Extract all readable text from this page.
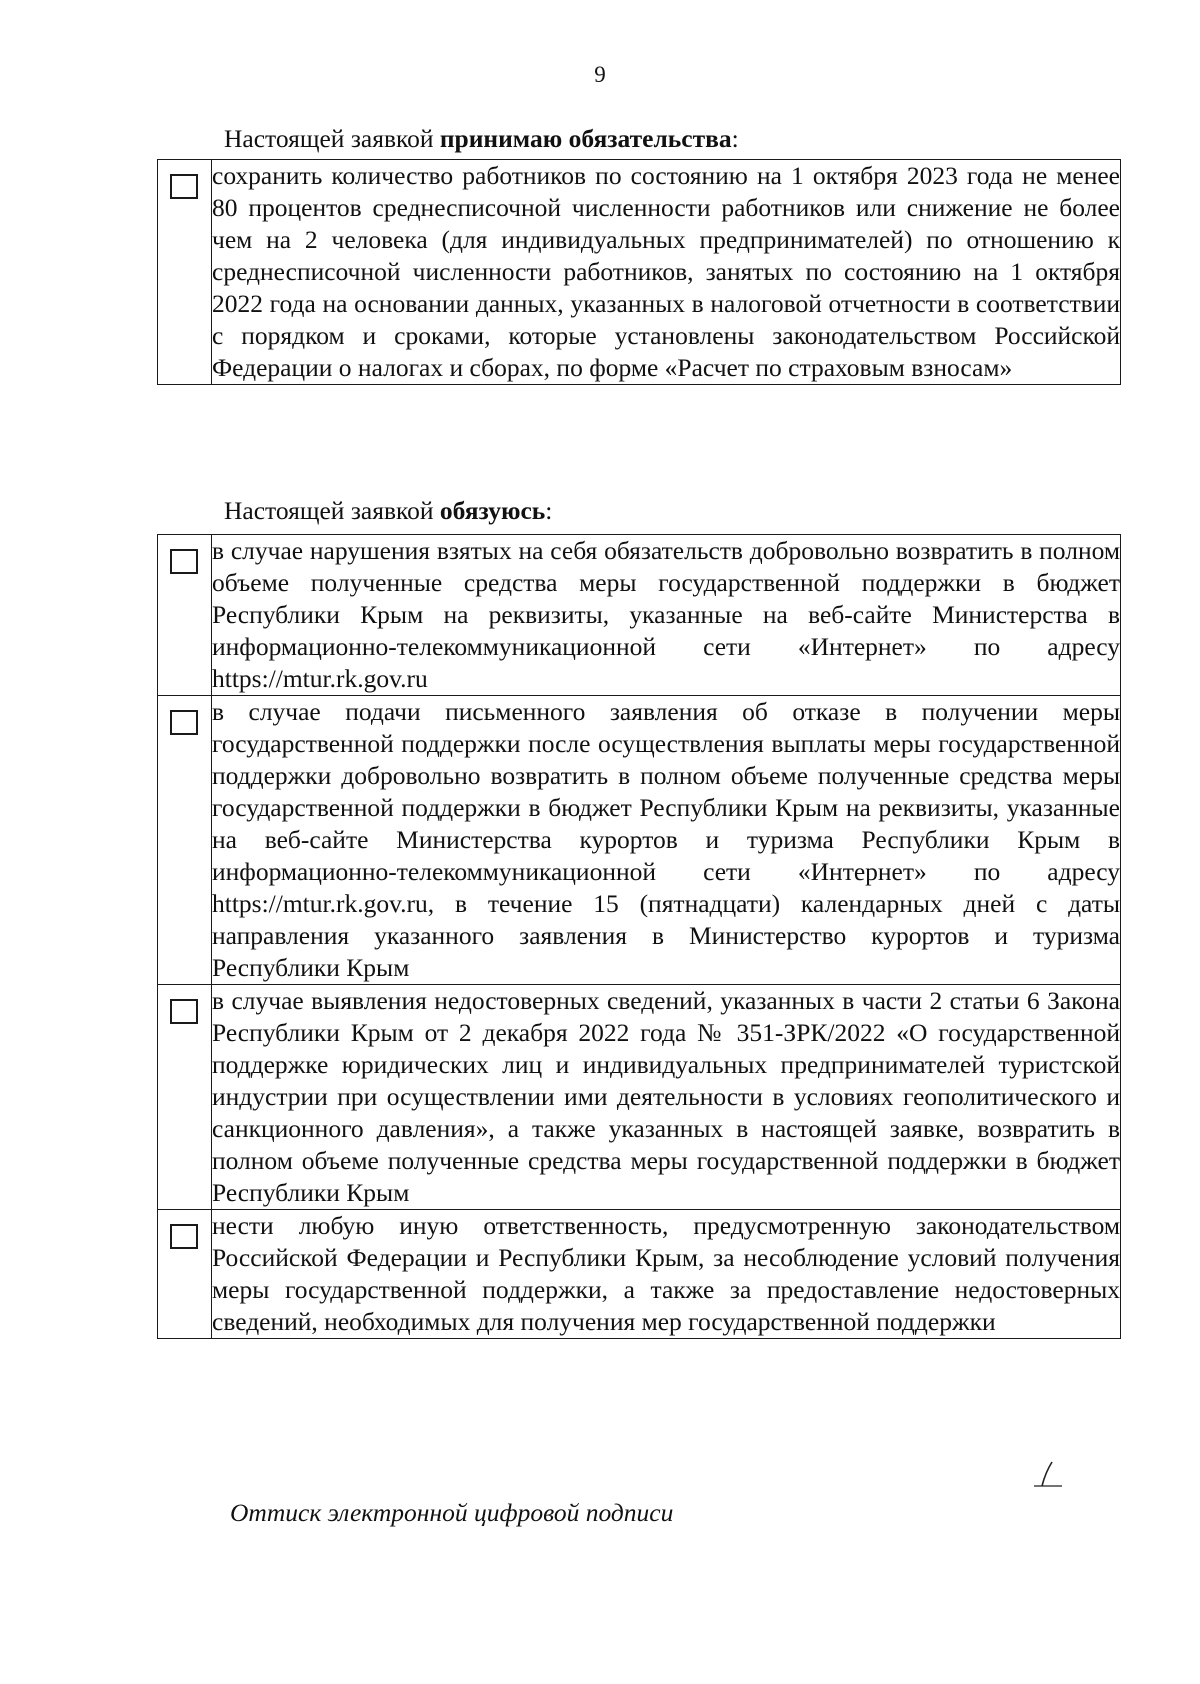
9
Настоящей заявкой принимаю обязательства:
	сохранить количество работников по состоянию на 1 октября 2023 года не менее 80 процентов среднесписочной численности работников или снижение не более чем на 2 человека (для индивидуальных предпринимателей) по отношению к среднесписочной численности работников, занятых по состоянию на 1 октября 2022 года на основании данных, указанных в налоговой отчетности в соответствии с порядком и сроками, которые установлены законодательством Российской Федерации о налогах и сборах, по форме «Расчет по страховым взносам»
Настоящей заявкой обязуюсь:
	в случае нарушения взятых на себя обязательств добровольно возвратить в полном объеме полученные средства меры государственной поддержки в бюджет Республики Крым на реквизиты, указанные на веб-сайте Министерства в информационно-телекоммуникационной сети «Интернет» по адресу https://mtur.rk.gov.ru

	в случае подачи письменного заявления об отказе в получении меры государственной поддержки после осуществления выплаты меры государственной поддержки добровольно возвратить в полном объеме полученные средства меры государственной поддержки в бюджет Республики Крым на реквизиты, указанные на веб-сайте Министерства курортов и туризма Республики Крым в информационно-телекоммуникационной сети «Интернет» по адресу https://mtur.rk.gov.ru, в течение 15 (пятнадцати) календарных дней с даты направления указанного заявления в Министерство курортов и туризма Республики Крым

	в случае выявления недостоверных сведений, указанных в части 2 статьи 6 Закона Республики Крым от 2 декабря 2022 года № 351-ЗРК/2022 «О государственной поддержке юридических лиц и индивидуальных предпринимателей туристской индустрии при осуществлении ими деятельности в условиях геополитического и санкционного давления», а также указанных в настоящей заявке, возвратить в полном объеме полученные средства меры государственной поддержки в бюджет Республики Крым

	нести любую иную ответственность, предусмотренную законодательством Российской Федерации и Республики Крым, за несоблюдение условий получения меры государственной поддержки, а также за предоставление недостоверных сведений, необходимых для получения мер государственной поддержки
Оттиск электронной цифровой подписи
